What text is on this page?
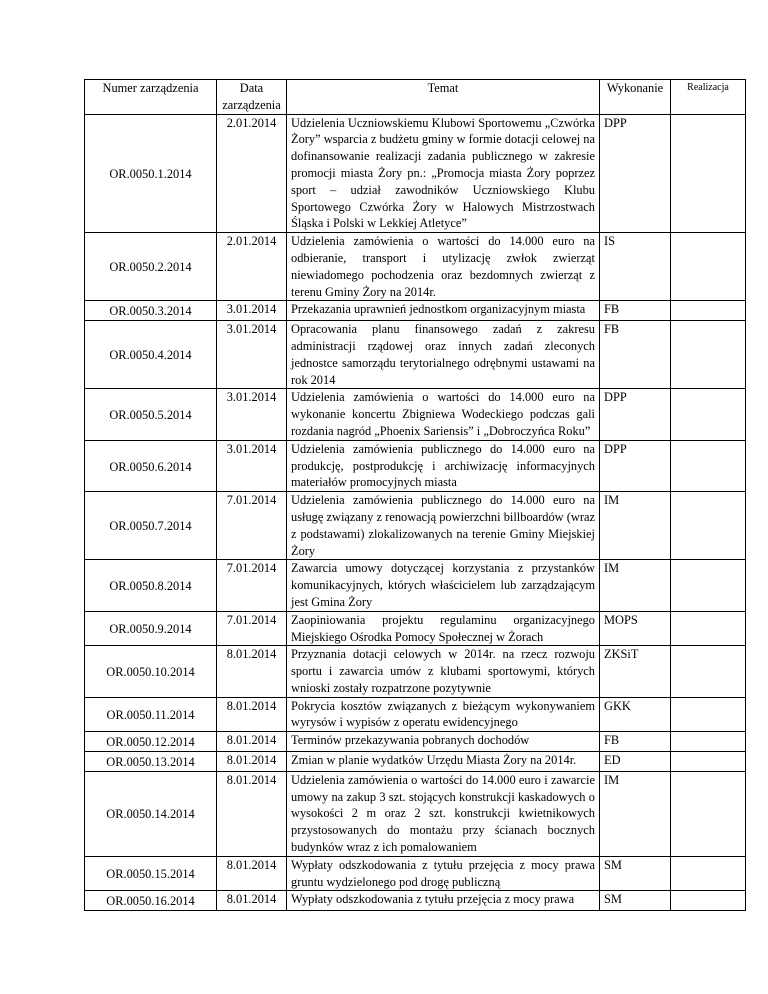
Numer zarządzenia	Data zarządzenia	Temat	Wykonanie	Realizacja
OR.0050.1.2014	2.01.2014	Udzielenia Uczniowskiemu Klubowi Sportowemu „Czwórka Żory” wsparcia z budżetu gminy w formie dotacji celowej na dofinansowanie realizacji zadania publicznego w zakresie promocji miasta Żory pn.: „Promocja miasta Żory poprzez sport – udział zawodników Uczniowskiego Klubu Sportowego Czwórka Żory w Halowych Mistrzostwach Śląska i Polski w Lekkiej Atletyce”	DPP	
OR.0050.2.2014	2.01.2014	Udzielenia zamówienia o wartości do 14.000 euro na odbieranie, transport i utylizację zwłok zwierząt niewiadomego pochodzenia oraz bezdomnych zwierząt z terenu Gminy Żory na 2014r.	IS	
OR.0050.3.2014	3.01.2014	Przekazania uprawnień jednostkom organizacyjnym miasta	FB	
OR.0050.4.2014	3.01.2014	Opracowania planu finansowego zadań z zakresu administracji rządowej oraz innych zadań zleconych jednostce samorządu terytorialnego odrębnymi ustawami na rok 2014	FB	
OR.0050.5.2014	3.01.2014	Udzielenia zamówienia o wartości do 14.000 euro na wykonanie koncertu Zbigniewa Wodeckiego podczas gali rozdania nagród „Phoenix Sariensis” i „Dobroczyńca Roku”	DPP	
OR.0050.6.2014	3.01.2014	Udzielenia zamówienia publicznego do 14.000 euro na produkcję, postprodukcję i archiwizację informacyjnych materiałów promocyjnych miasta	DPP	
OR.0050.7.2014	7.01.2014	Udzielenia zamówienia publicznego do 14.000 euro na usługę związany z renowacją powierzchni billboardów (wraz z podstawami) zlokalizowanych na terenie Gminy Miejskiej Żory	IM	
OR.0050.8.2014	7.01.2014	Zawarcia umowy dotyczącej korzystania z przystanków komunikacyjnych, których właścicielem lub zarządzającym jest Gmina Żory	IM	
OR.0050.9.2014	7.01.2014	Zaopiniowania projektu regulaminu organizacyjnego Miejskiego Ośrodka Pomocy Społecznej w Żorach	MOPS	
OR.0050.10.2014	8.01.2014	Przyznania dotacji celowych w 2014r. na rzecz rozwoju sportu i zawarcia umów z klubami sportowymi, których wnioski zostały rozpatrzone pozytywnie	ZKSiT	
OR.0050.11.2014	8.01.2014	Pokrycia kosztów związanych z bieżącym wykonywaniem wyrysów i wypisów z operatu ewidencyjnego	GKK	
OR.0050.12.2014	8.01.2014	Terminów przekazywania pobranych dochodów	FB	
OR.0050.13.2014	8.01.2014	Zmian w planie wydatków Urzędu Miasta Żory na 2014r.	ED	
OR.0050.14.2014	8.01.2014	Udzielenia zamówienia o wartości do 14.000 euro i zawarcie umowy na zakup 3 szt. stojących konstrukcji kaskadowych o wysokości 2 m oraz 2 szt. konstrukcji kwietnikowych przystosowanych do montażu przy ścianach bocznych budynków wraz z ich pomalowaniem	IM	
OR.0050.15.2014	8.01.2014	Wypłaty odszkodowania z tytułu przejęcia z mocy prawa gruntu wydzielonego pod drogę publiczną	SM	
OR.0050.16.2014	8.01.2014	Wypłaty odszkodowania z tytułu przejęcia z mocy prawa	SM	
